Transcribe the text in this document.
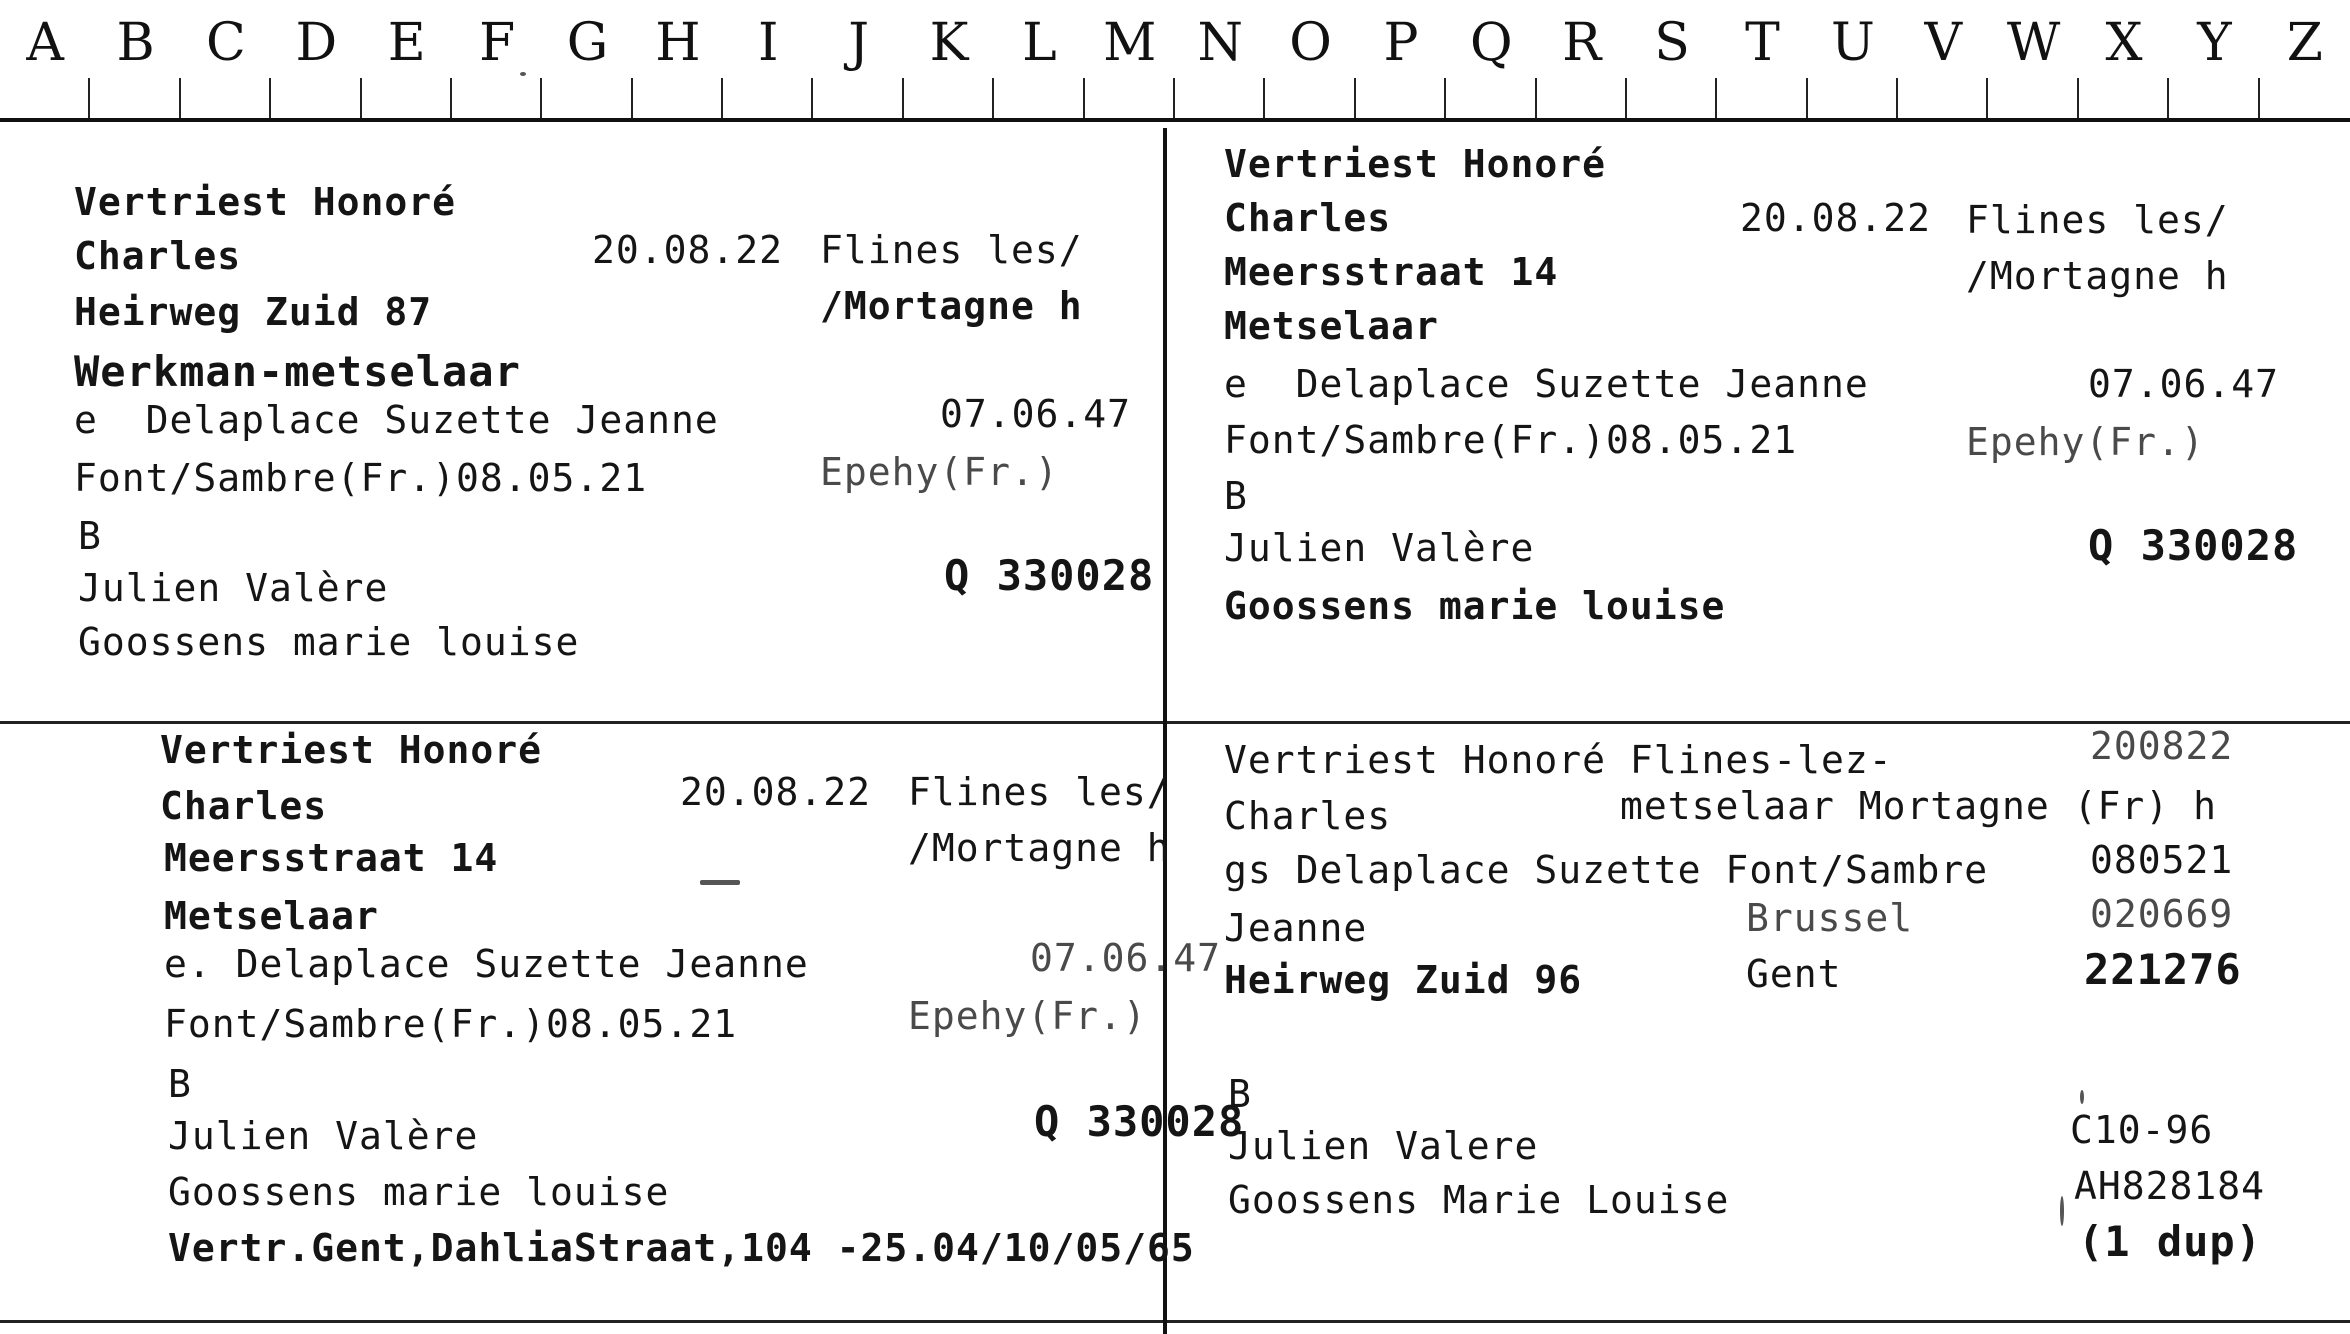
A	B C D E	F G H	I	J	K	L M N O P Q R	S	T U V W X	Y	Z
Vertriest Honoré
Charles	20.08.22 Flines les/
Heirweg Zuid 87	/Mortagne h
Werkman-metselaar
e  Delaplace Suzette Jeanne	07.06.47
Font/Sambre(Fr.)08.05.21	Epehy(Fr.)
B
Julien Valère	Q 330028
Goossens marie louise
Vertriest Honoré
Charles	20.08.22 Flines les/
Meersstraat 14	/Mortagne h
Metselaar
e  Delaplace Suzette Jeanne	07.06.47
Font/Sambre(Fr.)08.05.21	Epehy(Fr.)
B
Julien Valère	Q 330028
Goossens marie louise
Vertriest Honoré
Charles	20.08.22 Flines les/
Meersstraat 14	/Mortagne h
Metselaar
e. Delaplace Suzette Jeanne	07.06.47
Font/Sambre(Fr.)08.05.21	Epehy(Fr.)
B
Julien Valère	Q 330028
Goossens marie louise
Vertr.Gent,DahliaStraat,104 -25.04/10/05/65
Vertriest Honoré Flines-lez-	200822
Charles	metselaar Mortagne (Fr) h
gs Delaplace Suzette Font/Sambre	080521
Jeanne	Brussel	020669
Heirweg Zuid 96	Gent	221276
B
Julien Valere	C10-96
Goossens Marie Louise	AH828184
(1 dup)
